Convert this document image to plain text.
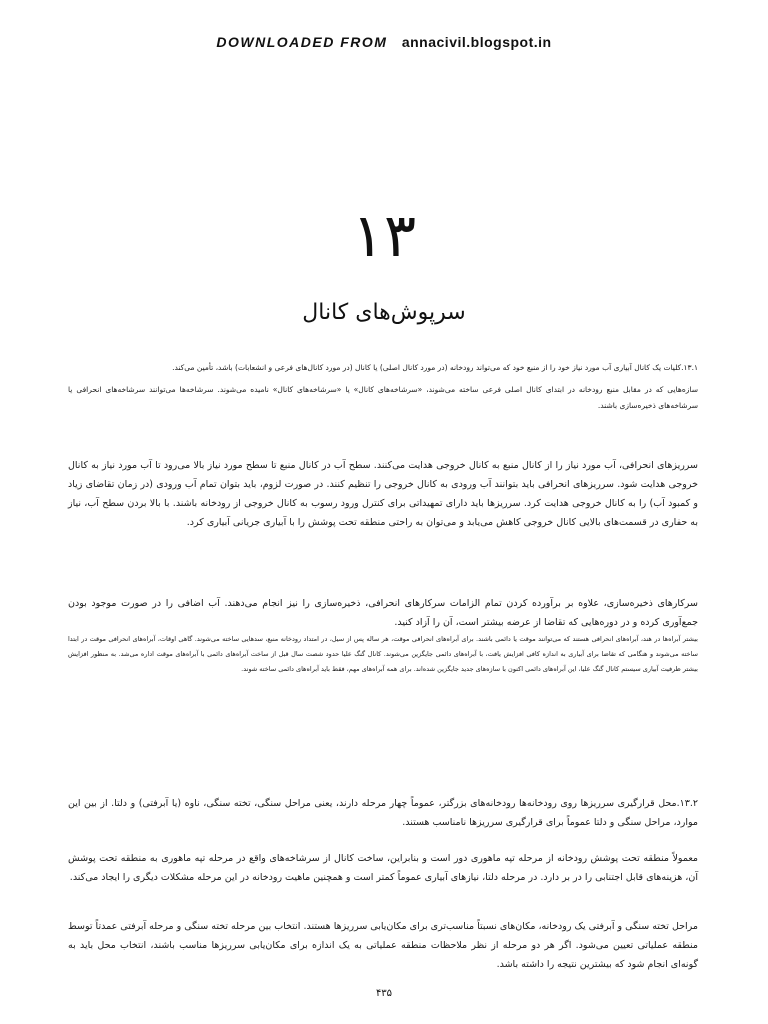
DOWNLOADED FROM annacivil.blogspot.in
۱۳
سرپوش‌های کانال
۱۳.۱.کلیات یک کانال آبیاری آب مورد نیاز خود را از منبع خود که می‌تواند رودخانه (در مورد کانال اصلی) یا کانال (در مورد کانال‌های فرعی و انشعابات) باشد، تأمین می‌کند.
سازه‌هایی که در مقابل منبع رودخانه در ابتدای کانال اصلی فرعی ساخته می‌شوند، «سرشاخه‌های کانال» یا «سرشاخه‌های کانال» نامیده می‌شوند. سرشاخه‌ها می‌توانند سرشاخه‌های انحرافی یا سرشاخه‌های ذخیره‌سازی باشند.
سرریزهای انحرافی، آب مورد نیاز را از کانال منبع به کانال خروجی هدایت می‌کنند. سطح آب در کانال منبع تا سطح مورد نیاز بالا می‌رود تا آب مورد نیاز به کانال خروجی هدایت شود. سرریزهای انحرافی باید بتوانند آب ورودی به کانال خروجی را تنظیم کنند. در صورت لزوم، باید بتوان تمام آب ورودی (در زمان تقاضای زیاد و کمبود آب) را به کانال خروجی هدایت کرد. سرریزها باید دارای تمهیداتی برای کنترل ورود رسوب به کانال خروجی از رودخانه باشند. با بالا بردن سطح آب، نیاز به حفاری در قسمت‌های بالایی کانال خروجی کاهش می‌یابد و می‌توان به راحتی منطقه تحت پوشش را با آبیاری جریانی آبیاری کرد.
سرکارهای ذخیره‌سازی، علاوه بر برآورده کردن تمام الزامات سرکارهای انحرافی، ذخیره‌سازی را نیز انجام می‌دهند. آب اضافی را در صورت موجود بودن جمع‌آوری کرده و در دوره‌هایی که تقاضا از عرضه بیشتر است، آن را آزاد کنید.
بیشتر آبراه‌ها در هند، آبراه‌های انحرافی هستند که می‌توانند موقت یا دائمی باشند. برای آبراه‌های انحرافی موقت، هر ساله پس از سیل، در امتداد رودخانه منبع، سدهایی ساخته می‌شوند. گاهی اوقات، آبراه‌های انحرافی موقت در ابتدا ساخته می‌شوند و هنگامی که تقاضا برای آبیاری به اندازه کافی افزایش یافت، با آبراه‌های دائمی جایگزین می‌شوند. کانال گنگ علیا حدود شصت سال قبل از ساخت آبراه‌های دائمی با آبراه‌های موقت اداره می‌شد. به منظور افزایش بیشتر ظرفیت آبیاری سیستم کانال گنگ علیا، این آبراه‌های دائمی اکنون با سازه‌های جدید جایگزین شده‌اند. برای همه آبراه‌های مهم، فقط باید آبراه‌های دائمی ساخته شوند.
۱۳.۲.محل قرارگیری سرریزها روی رودخانه‌ها رودخانه‌های بزرگتر، عموماً چهار مرحله دارند، یعنی مراحل سنگی، تخته سنگی، ناوه (یا آبرفتی) و دلتا. از بین این موارد، مراحل سنگی و دلتا عموماً برای قرارگیری سرریزها نامناسب هستند.
معمولاً منطقه تحت پوشش رودخانه از مرحله تپه ماهوری دور است و بنابراین، ساخت کانال از سرشاخه‌های واقع در مرحله تپه ماهوری به منطقه تحت پوشش آن، هزینه‌های قابل اجتنابی را در بر دارد. در مرحله دلتا، نیازهای آبیاری عموماً کمتر است و همچنین ماهیت رودخانه در این مرحله مشکلات دیگری را ایجاد می‌کند.
مراحل تخته سنگی و آبرفتی یک رودخانه، مکان‌های نسبتاً مناسب‌تری برای مکان‌یابی سرریزها هستند. انتخاب بین مرحله تخته سنگی و مرحله آبرفتی عمدتاً توسط منطقه عملیاتی تعیین می‌شود. اگر هر دو مرحله از نظر ملاحظات منطقه عملیاتی به یک اندازه برای مکان‌یابی سرریزها مناسب باشند، انتخاب محل باید به گونه‌ای انجام شود که بیشترین نتیجه را داشته باشد.
۴۳۵
